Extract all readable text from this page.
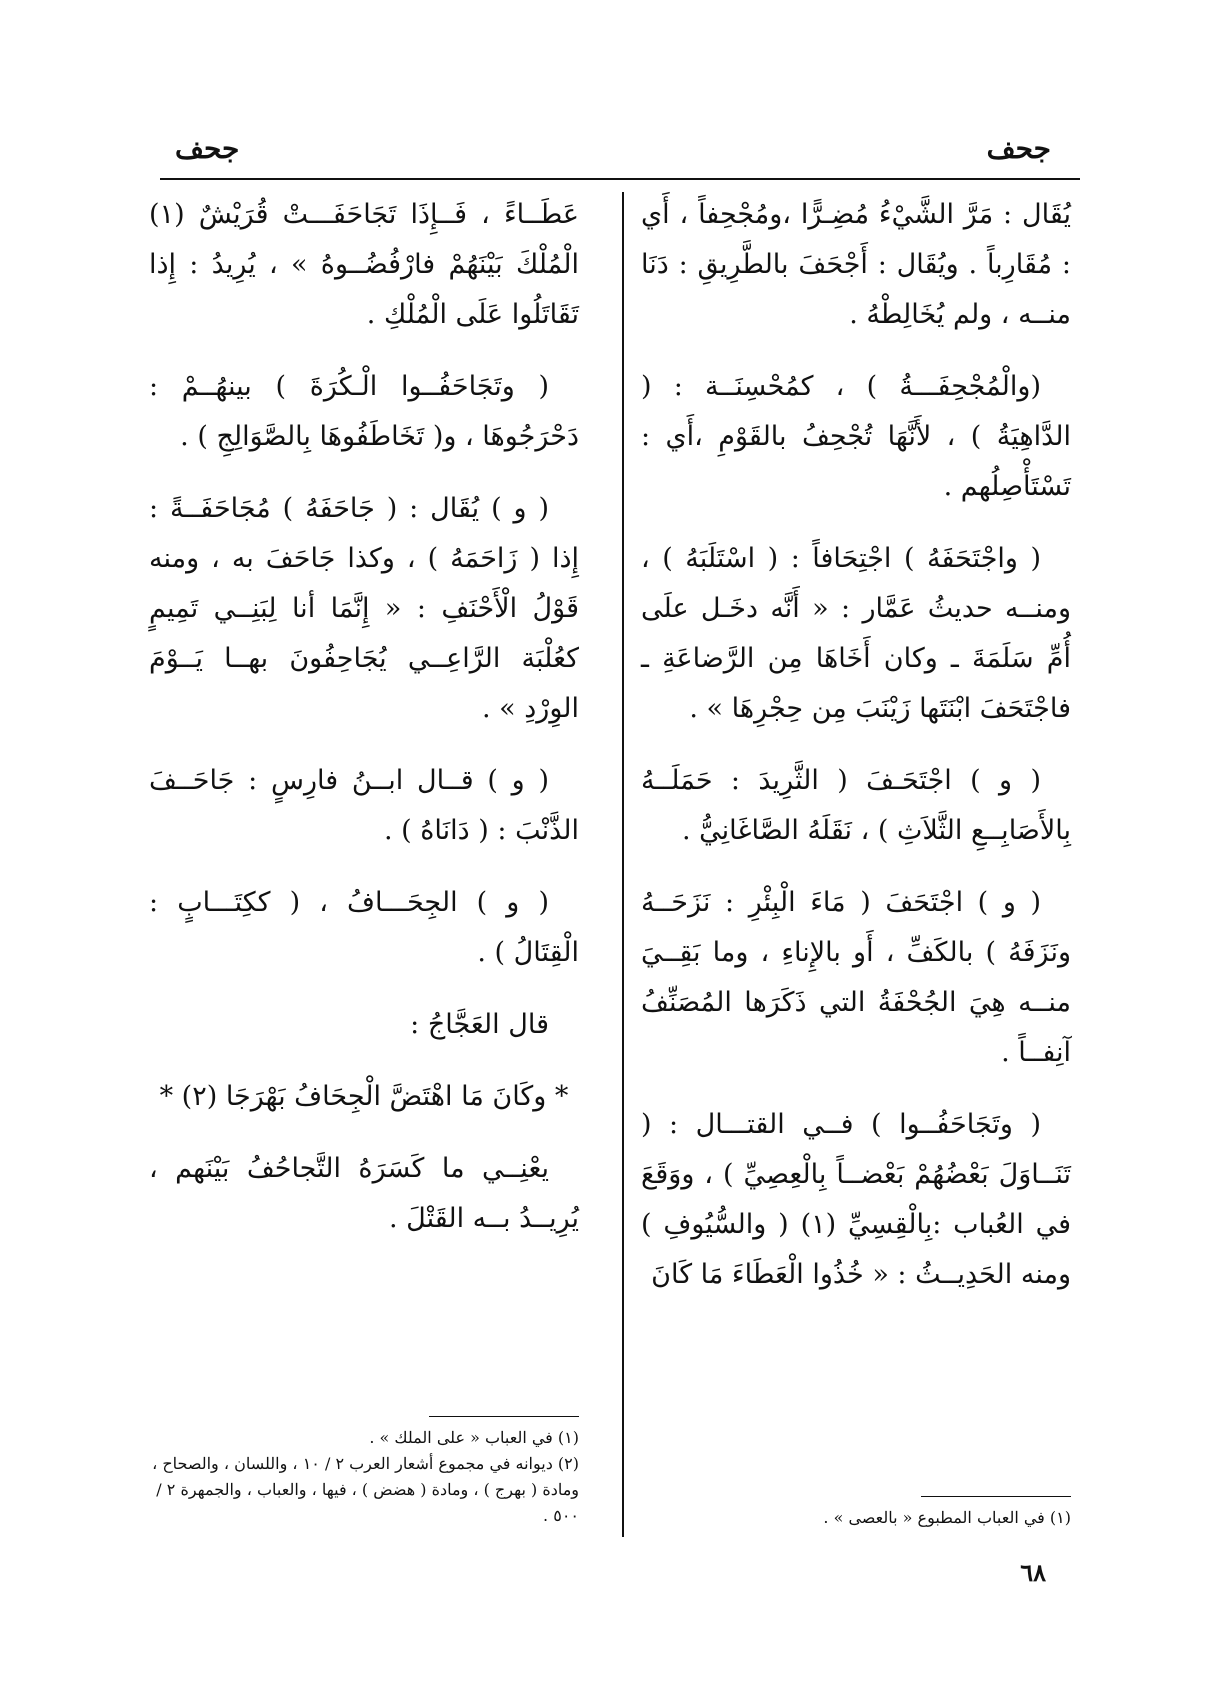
جحف
جحف

يُقَال : مَرَّ الشَّيْءُ مُضِـرًّا ،ومُجْحِفاً ، أَي : مُقَارِباً . ويُقَال : أَجْحَفَ بالطَّرِيقِ : دَنَا منــه ، ولم يُخَالِطْهُ .

(والْمُجْحِفَـــةُ ) ، كمُحْسِنَــة : ( الدَّاهِيَةُ ) ، لأَنَّهَا تُجْحِفُ بالقَوْمِ ،أَي : تَسْتَأْصِلُهم .

( واجْتَحَفَهُ ) اجْتِحَافاً : ( اسْتَلَبَهُ ) ، ومنــه حديثُ عَمَّار : « أَنَّه دخَـل علَى أُمِّ سَلَمَةَ ـ وكان أَخَاهَا مِن الرَّضاعَةِ ـ فاجْتَحَفَ ابْنَتَها زَيْنَبَ مِن حِجْرِهَا » .

( و ) اجْتَحَـفَ ( الثَّرِيدَ : حَمَلَــهُ بِالأَصَابِــعِ الثَّلاَثِ ) ، نَقَلَهُ الصَّاغَانِيُّ .

( و ) اجْتَحَفَ ( مَاءَ الْبِئْرِ : نَزَحَــهُ ونَزَفَهُ ) بالكَفِّ ، أَو بالإِناءِ ، وما بَقِــيَ منــه هِيَ الجُحْفَةُ التي ذَكَرَها المُصَنِّفُ آنِفــاً .

( وتَجَاحَفُــوا ) فــي القتـــال : ( تَنَــاوَلَ بَعْضُهُمْ بَعْضــاً بِالْعِصِيِّ ) ، ووَقَعَ في العُباب :بِالْقِسِيِّ (١) ( والسُّيُوفِ ) ومنه الحَدِيــثُ : « خُذُوا الْعَطَاءَ مَا كَانَ

(١) في العباب المطبوع « بالعصى » .

عَطَــاءً ، فَــإِذَا تَجَاحَفَـــتْ قُرَيْشٌ (١) الْمُلْكَ بَيْنَهُمْ فارْفُضُــوهُ » ، يُرِيدُ : إِذا تَقَاتَلُوا عَلَى الْمُلْكِ .

( وتَجَاحَفُــوا الْـكُرَةَ ) بينهُــمْ : دَحْرَجُوهَا ، و( تَخَاطَفُوهَا بِالصَّوَالِجِ ) .

( و ) يُقَال : ( جَاحَفَهُ ) مُجَاحَفَــةً : إِذا ( زَاحَمَهُ ) ، وكذا جَاحَفَ به ، ومنه قَوْلُ الْأَحْنَفِ : « إِنَّمَا أنا لِبَنِــي تَمِيمٍ كعُلْبَة الرَّاعِــي يُجَاحِفُونَ بهــا يَــوْمَ الوِرْدِ » .

( و ) قــال ابــنُ فارِسٍ : جَاحَــفَ الذَّنْبَ : ( دَانَاهُ ) .

( و ) الجِحَـــافُ ، ( ككِتَـــابٍ : الْقِتَالُ ) .

قال العَجَّاجُ :

* وكَانَ مَا اهْتَضَّ الْجِحَافُ بَهْرَجَا (٢) *

يعْنِــي ما كَسَرَهُ التَّجاحُفُ بَيْنَهم ، يُرِيــدُ بــه القَتْلَ .

(١) في العباب « على الملك » .

(٢) ديوانه في مجموع أشعار العرب ٢ / ١٠ ، واللسان ، والصحاح ، ومادة ( بهرج ) ، ومادة ( هضض ) ، فيها ، والعباب ، والجمهرة ٢ / ٥٠٠ .

٦٨
